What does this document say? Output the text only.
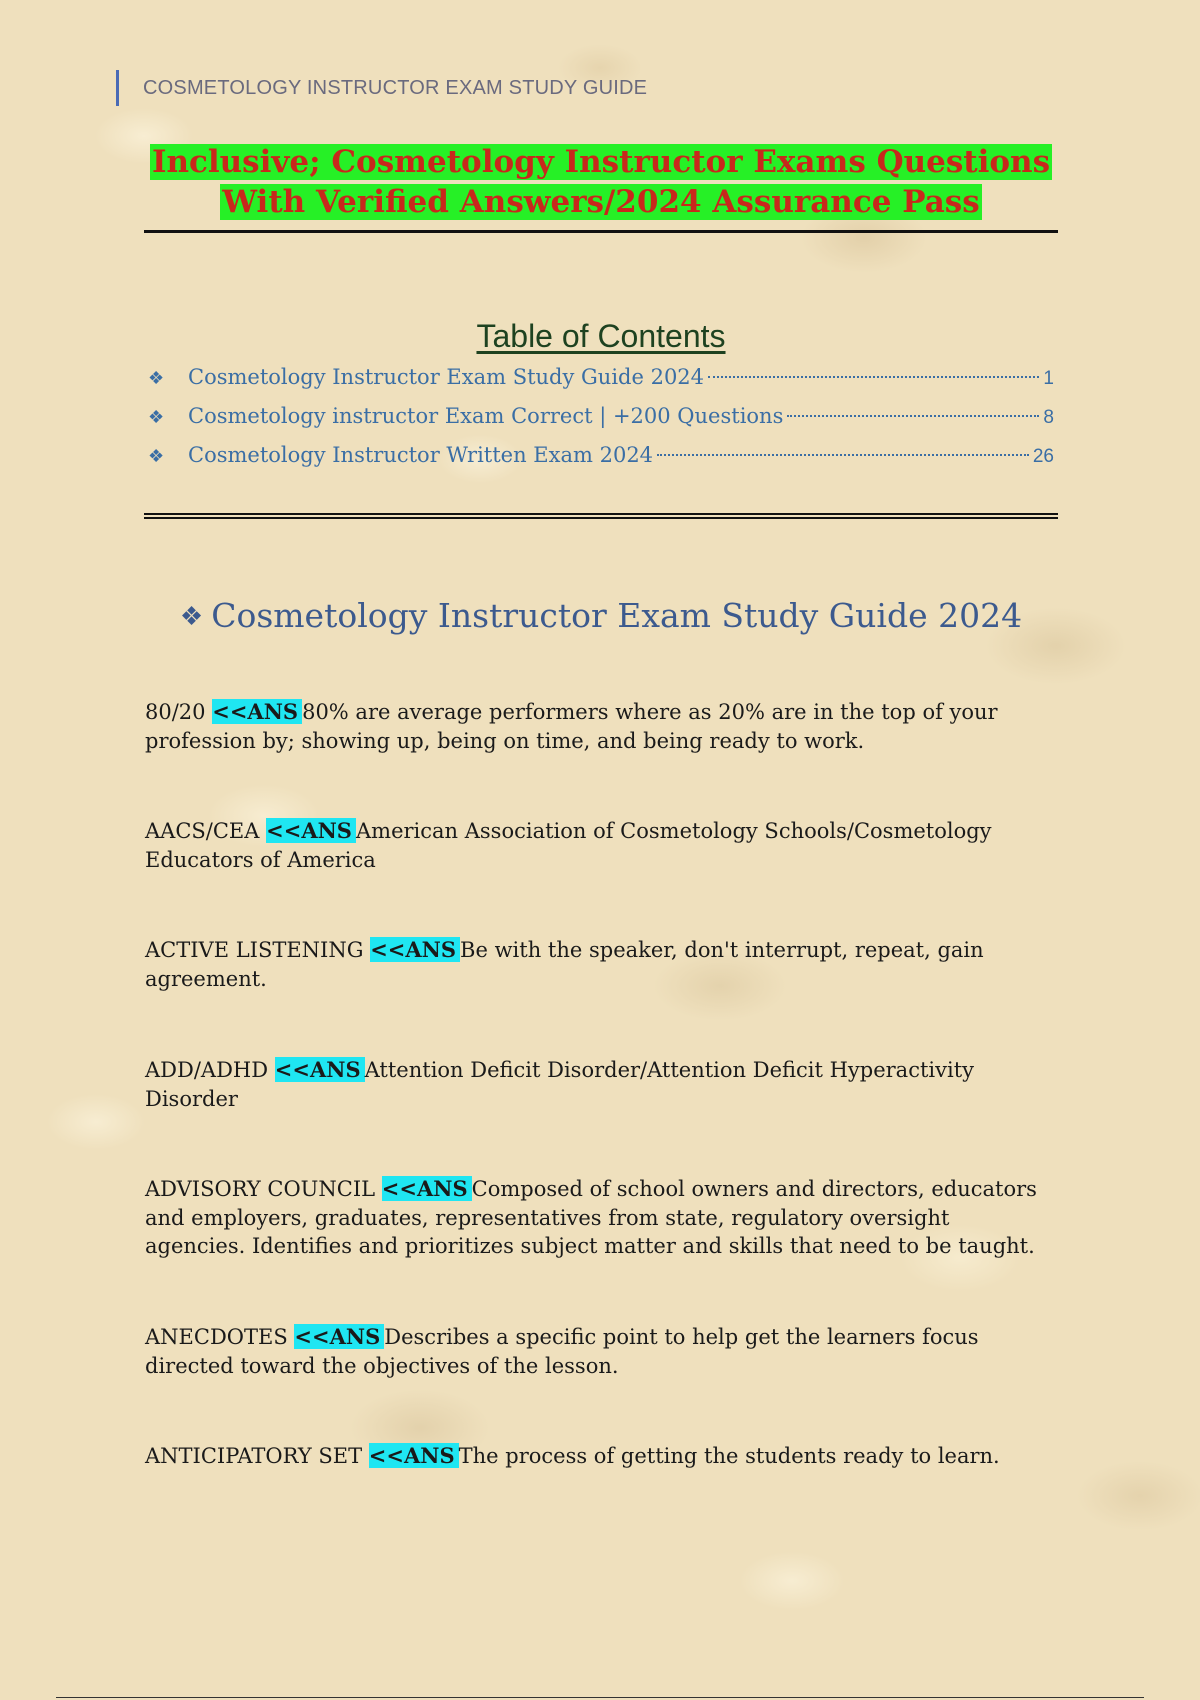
COSMETOLOGY INSTRUCTOR EXAM STUDY GUIDE
Inclusive; Cosmetology Instructor Exams Questions
With Verified Answers/2024 Assurance Pass
Table of Contents
❖	Cosmetology Instructor Exam Study Guide 2024	1
❖	Cosmetology instructor Exam Correct | +200 Questions	8
❖	Cosmetology Instructor Written Exam 2024	26
❖ Cosmetology Instructor Exam Study Guide 2024
80/20 <<ANS 80% are average performers where as 20% are in the top of your profession by; showing up, being on time, and being ready to work.
AACS/CEA <<ANS American Association of Cosmetology Schools/Cosmetology Educators of America
ACTIVE LISTENING <<ANS Be with the speaker, don't interrupt, repeat, gain agreement.
ADD/ADHD <<ANS Attention Deficit Disorder/Attention Deficit Hyperactivity Disorder
ADVISORY COUNCIL <<ANS Composed of school owners and directors, educators and employers, graduates, representatives from state, regulatory oversight agencies. Identifies and prioritizes subject matter and skills that need to be taught.
ANECDOTES <<ANS Describes a specific point to help get the learners focus directed toward the objectives of the lesson.
ANTICIPATORY SET <<ANS The process of getting the students ready to learn.
